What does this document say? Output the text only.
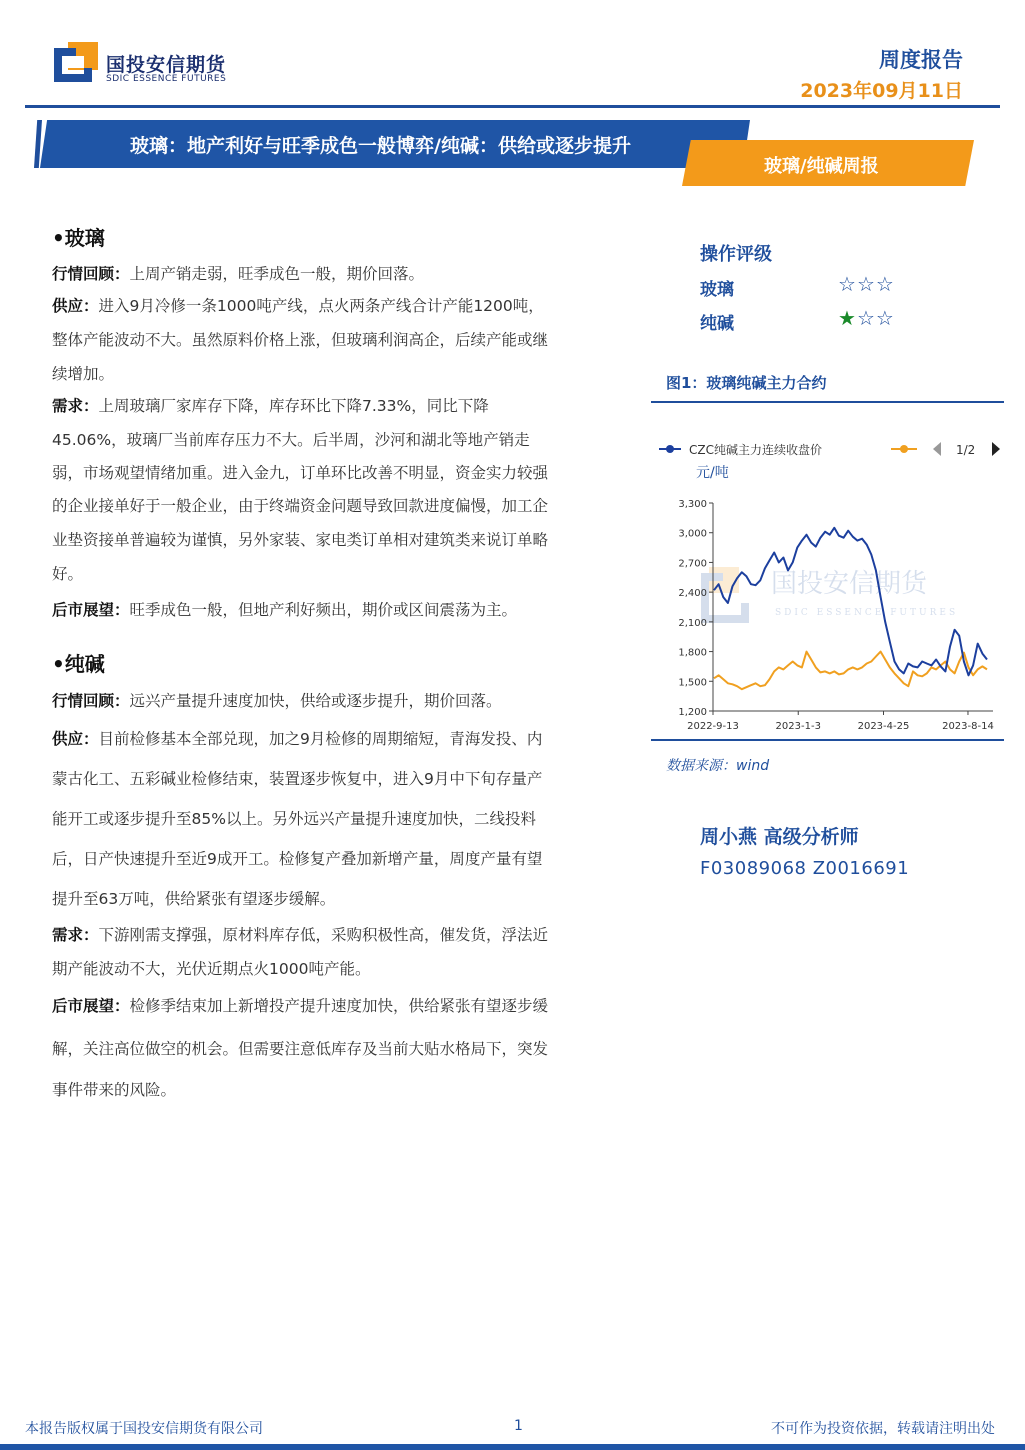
国投安信期货
SDIC ESSENCE FUTURES
周度报告
2023年09月11日
玻璃：地产利好与旺季成色一般博弈/纯碱：供给或逐步提升
玻璃/纯碱周报
•玻璃
行情回顾：上周产销走弱，旺季成色一般，期价回落。
供应：进入9月冷修一条1000吨产线，点火两条产线合计产能1200吨，
整体产能波动不大。虽然原料价格上涨，但玻璃利润高企，后续产能或继
续增加。
需求：上周玻璃厂家库存下降，库存环比下降7.33%，同比下降
45.06%，玻璃厂当前库存压力不大。后半周，沙河和湖北等地产销走
弱，市场观望情绪加重。进入金九，订单环比改善不明显，资金实力较强
的企业接单好于一般企业，由于终端资金问题导致回款进度偏慢，加工企
业垫资接单普遍较为谨慎，另外家装、家电类订单相对建筑类来说订单略
好。
后市展望：旺季成色一般，但地产利好频出，期价或区间震荡为主。
•纯碱
行情回顾：远兴产量提升速度加快，供给或逐步提升，期价回落。
供应：目前检修基本全部兑现，加之9月检修的周期缩短，青海发投、内
蒙古化工、五彩碱业检修结束，装置逐步恢复中，进入9月中下旬存量产
能开工或逐步提升至85%以上。另外远兴产量提升速度加快，二线投料
后，日产快速提升至近9成开工。检修复产叠加新增产量，周度产量有望
提升至63万吨，供给紧张有望逐步缓解。
需求：下游刚需支撑强，原材料库存低，采购积极性高，催发货，浮法近
期产能波动不大，光伏近期点火1000吨产能。
后市展望：检修季结束加上新增投产提升速度加快，供给紧张有望逐步缓
解，关注高位做空的机会。但需要注意低库存及当前大贴水格局下，突发
事件带来的风险。
操作评级
玻璃	☆☆☆
纯碱	★☆☆
图1：玻璃纯碱主力合约
CZC纯碱主力连续收盘价
元/吨
1/2
国投安信期货
SDIC ESSENCE FUTURES
3,300
3,000
2,700
2,400
2,100
1,800
1,500
1,200
2022-9-13	2023-1-3	2023-4-25	2023-8-14
数据来源：wind
周小燕 高级分析师
F03089068 Z0016691
本报告版权属于国投安信期货有限公司	1	不可作为投资依据，转载请注明出处
